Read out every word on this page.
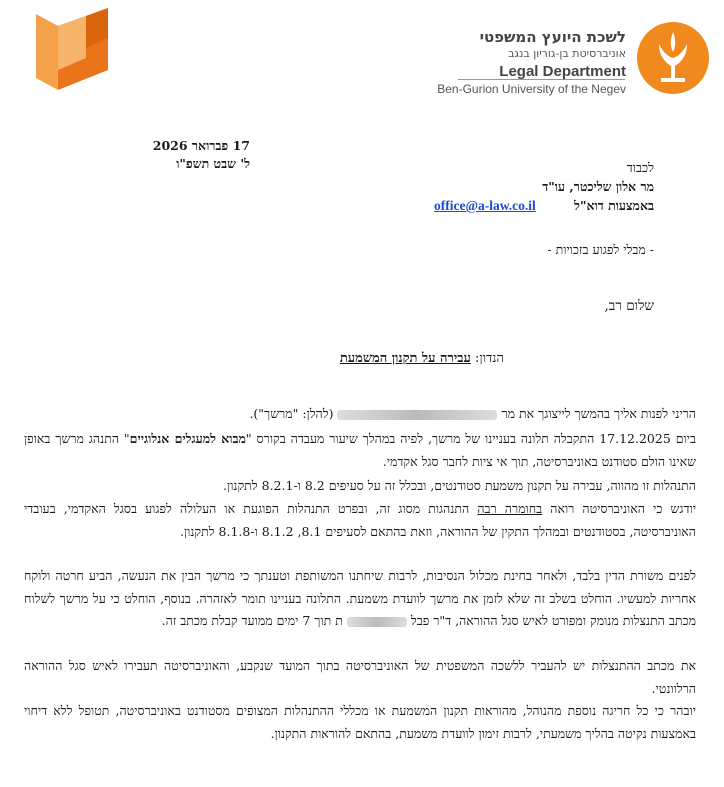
לשכת היועץ המשפטי
אוניברסיטת בן-גוריון בנגב
Legal Department
Ben-Gurion University of the Negev
17 פברואר 2026
ל' שבט תשפ"ו	לכבוד
מר אלון שליכטר, עו"ד
באמצעות דוא"ל office@a-law.co.il
- מבלי לפגוע בזכויות -
שלום רב,
הנדון: עבירה על תקנון המשמעת
הריני לפנות אליך בהמשך לייצוגך את מר  (להלן: "מרשך").
ביום 17.12.2025 התקבלה תלונה בעניינו של מרשך, לפיה במהלך שיעור מעבדה בקורס "מבוא למעגלים אנלוגיים" התנהג מרשך באופן שאינו הולם סטודנט באוניברסיטה, תוך אי ציות לחבר סגל אקדמי.
התנהלות זו מהווה, עבירה על תקנון משמעת סטודנטים, ובכלל זה על סעיפים 8.2 ו-8.2.1 לתקנון.
יודגש כי האוניברסיטה רואה בחומרה רבה התנהגות מסוג זה, ובפרט התנהלות הפוגעת או העלולה לפגוע בסגל האקדמי, בעובדי האוניברסיטה, בסטודנטים ובמהלך התקין של ההוראה, וזאת בהתאם לסעיפים 8.1, 8.1.2 ו-8.1.8 לתקנון.
לפנים משורת הדין בלבד, ולאחר בחינת מכלול הנסיבות, לרבות שיחתנו המשותפת וטענתך כי מרשך הבין את הנעשה, הביע חרטה ולוקח אחריות למעשיו. הוחלט בשלב זה שלא לזמן את מרשך לוועדת משמעת. התלונה בעניינו תומר לאזהרה. בנוסף, הוחלט כי על מרשך לשלוח מכתב התנצלות מנומק ומפורט לאיש סגל ההוראה, ד"ר פבל  ת תוך 7 ימים ממועד קבלת מכתב זה.
את מכתב ההתנצלות יש להעביר ללשכה המשפטית של האוניברסיטה בתוך המועד שנקבע, והאוניברסיטה תעבירו לאיש סגל ההוראה הרלוונטי.
יובהר כי כל חריגה נוספת מהנוהל, מהוראות תקנון המשמעת או מכללי ההתנהלות המצופים מסטודנט באוניברסיטה, תטופל ללא דיחוי באמצעות נקיטה בהליך משמעתי, לרבות זימון לוועדת משמעת, בהתאם להוראות התקנון.
